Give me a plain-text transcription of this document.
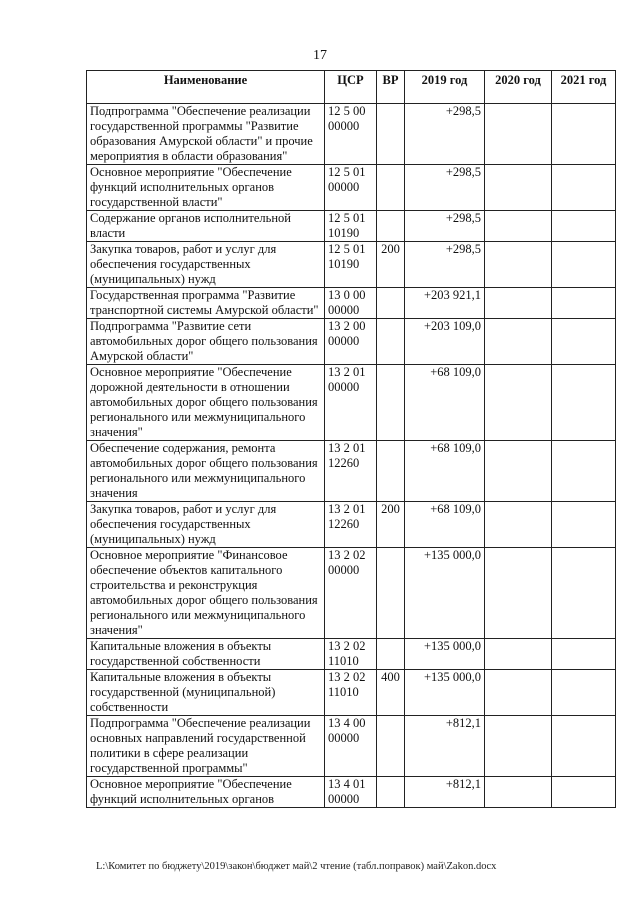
17
Наименование	ЦСР	ВР	2019 год	2020 год	2021 год
Подпрограмма "Обеспечение реализации государственной программы "Развитие образования Амурской области" и прочие мероприятия в области образования"	12 5 00 00000		+298,5		
Основное мероприятие "Обеспечение функций исполнительных органов государственной власти"	12 5 01 00000		+298,5		
Содержание органов исполнительной власти	12 5 01 10190		+298,5		
Закупка товаров, работ и услуг для обеспечения государственных (муниципальных) нужд	12 5 01 10190	200	+298,5		
Государственная программа "Развитие транспортной системы Амурской области"	13 0 00 00000		+203 921,1		
Подпрограмма "Развитие сети автомобильных дорог общего пользования Амурской области"	13 2 00 00000		+203 109,0		
Основное мероприятие "Обеспечение дорожной деятельности в отношении автомобильных дорог общего пользования регионального или межмуниципального значения"	13 2 01 00000		+68 109,0		
Обеспечение содержания, ремонта автомобильных дорог общего пользования регионального или межмуниципального значения	13 2 01 12260		+68 109,0		
Закупка товаров, работ и услуг для обеспечения государственных (муниципальных) нужд	13 2 01 12260	200	+68 109,0		
Основное мероприятие "Финансовое обеспечение объектов капитального строительства и реконструкция автомобильных дорог общего пользования регионального или межмуниципального значения"	13 2 02 00000		+135 000,0		
Капитальные вложения в объекты государственной собственности	13 2 02 11010		+135 000,0		
Капитальные вложения в объекты государственной (муниципальной) собственности	13 2 02 11010	400	+135 000,0		
Подпрограмма "Обеспечение реализации основных направлений государственной политики в сфере реализации государственной программы"	13 4 00 00000		+812,1		
Основное мероприятие "Обеспечение функций исполнительных органов	13 4 01 00000		+812,1		
L:\Комитет по бюджету\2019\закон\бюджет май\2 чтение (табл.поправок) май\Zakon.docx
